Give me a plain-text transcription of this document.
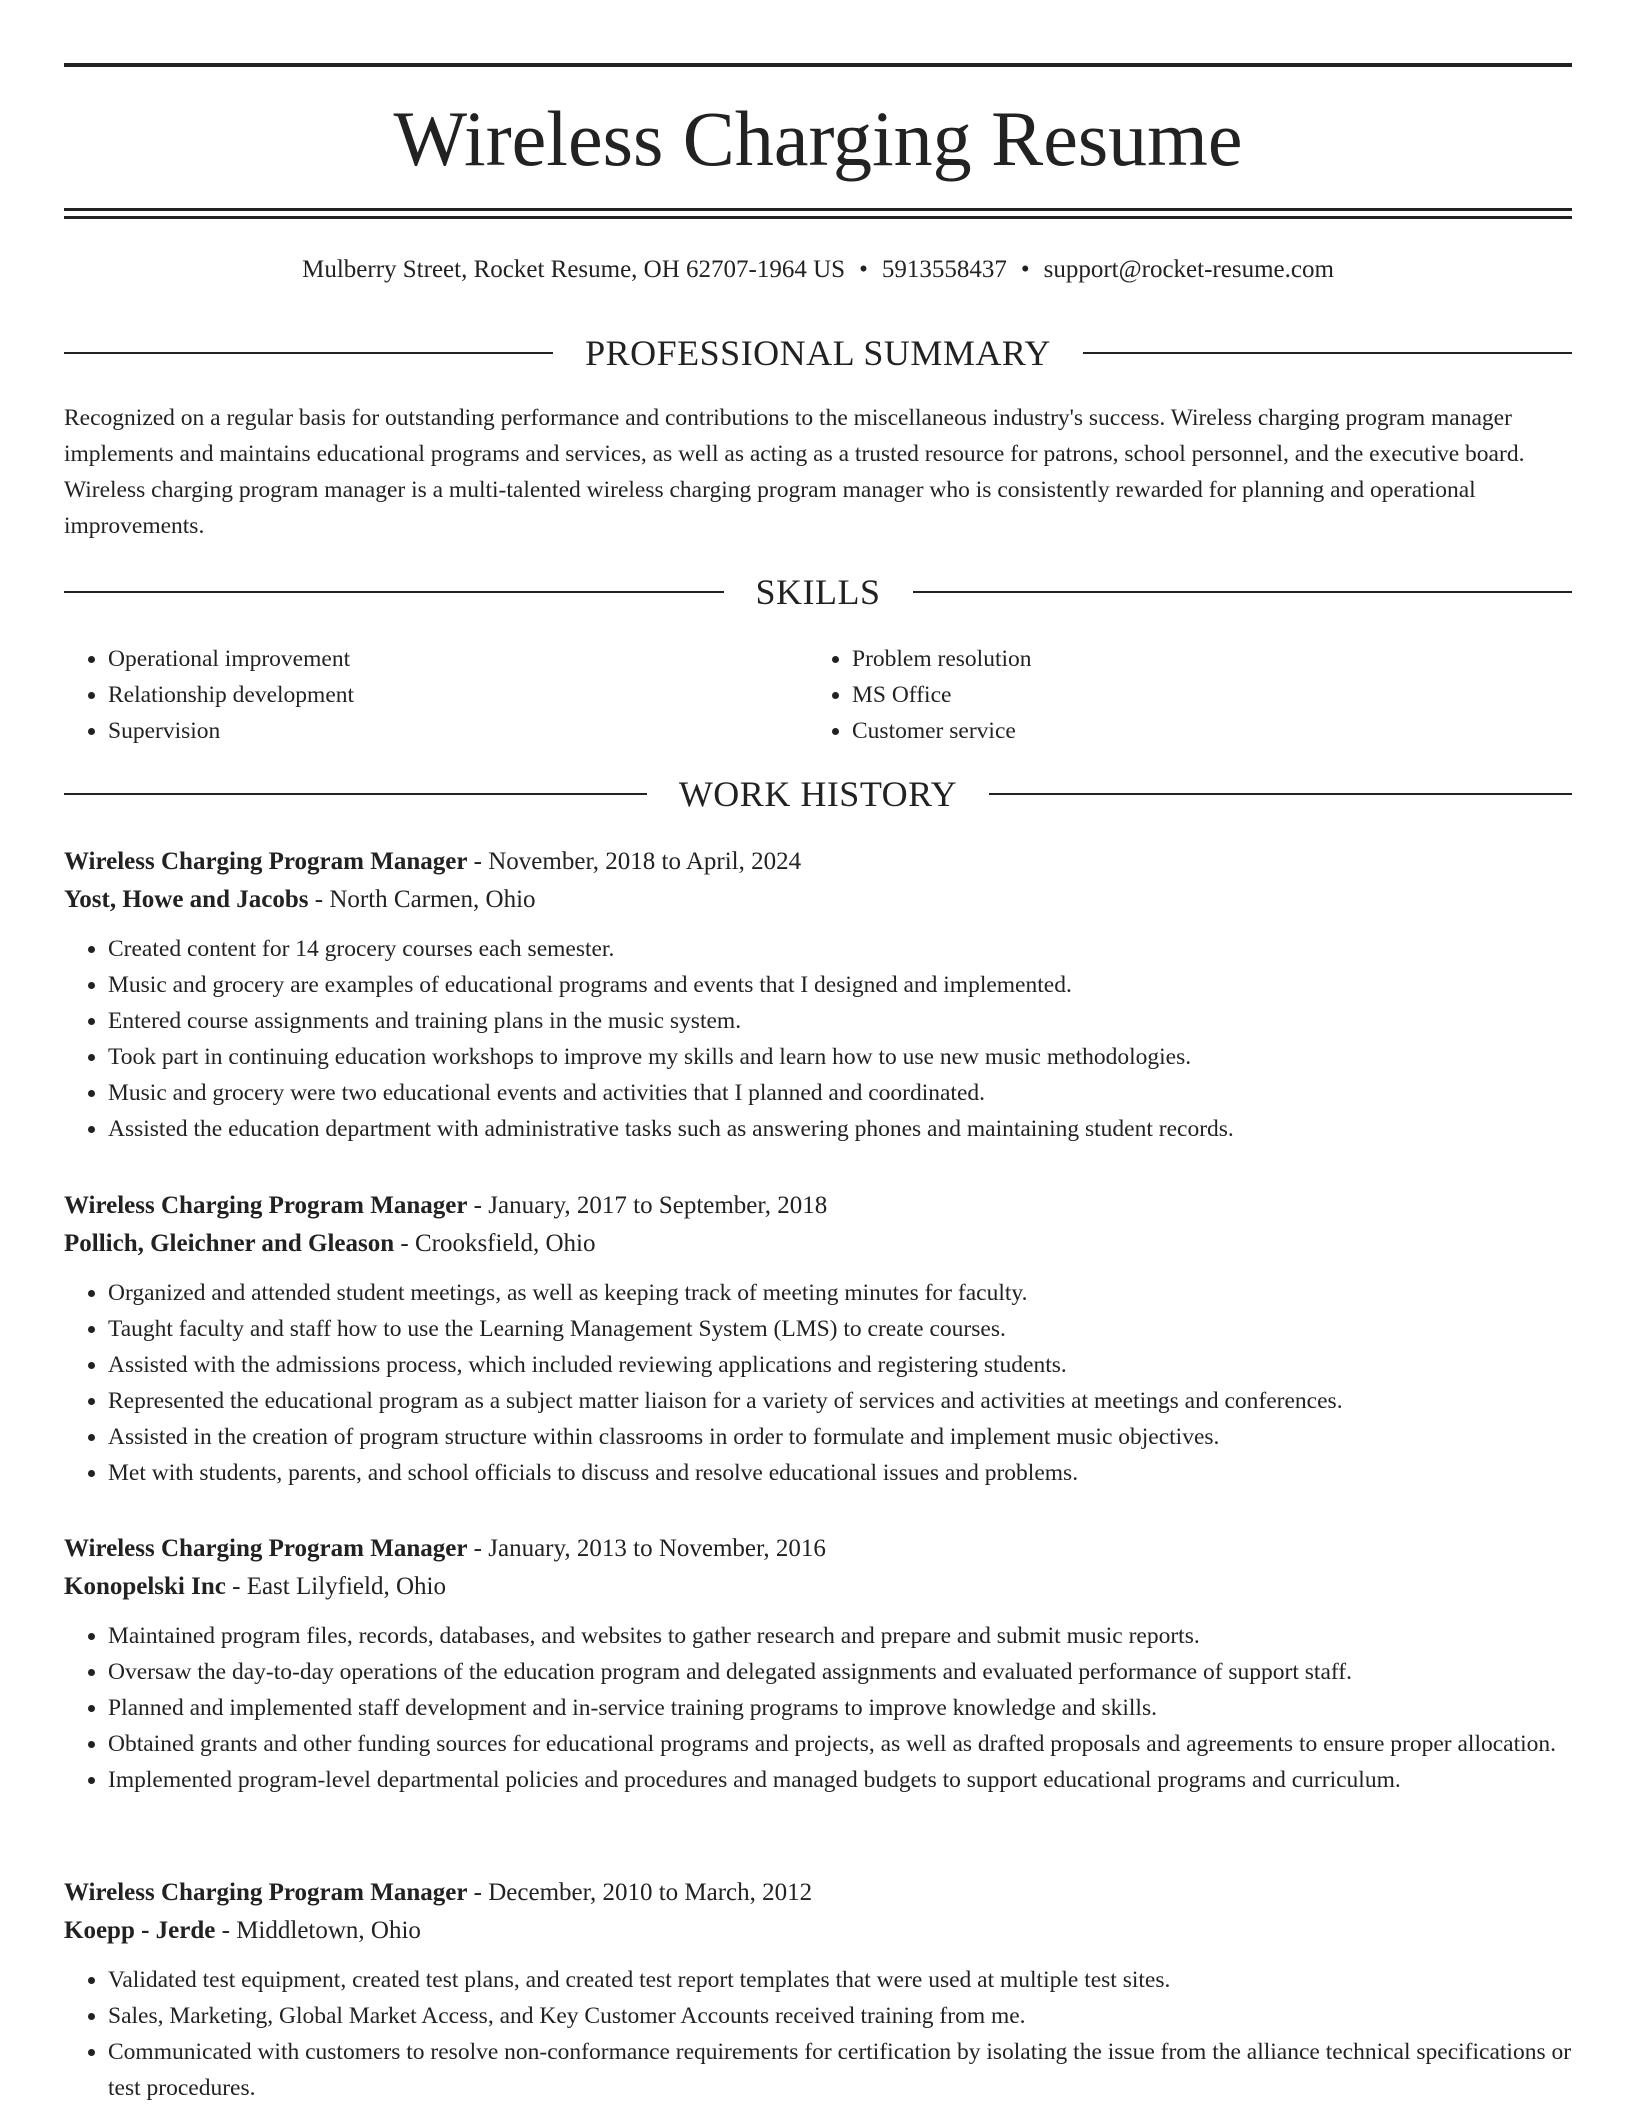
Wireless Charging Resume
Mulberry Street, Rocket Resume, OH 62707-1964 US • 5913558437 • support@rocket-resume.com
PROFESSIONAL SUMMARY

Recognized on a regular basis for outstanding performance and contributions to the miscellaneous industry's success. Wireless charging program manager implements and maintains educational programs and services, as well as acting as a trusted resource for patrons, school personnel, and the executive board. Wireless charging program manager is a multi-talented wireless charging program manager who is consistently rewarded for planning and operational improvements.

SKILLS
• Operational improvement
• Relationship development
• Supervision
• Problem resolution
• MS Office
• Customer service
WORK HISTORY
Wireless Charging Program Manager - November, 2018 to April, 2024
Yost, Howe and Jacobs - North Carmen, Ohio
• Created content for 14 grocery courses each semester.
• Music and grocery are examples of educational programs and events that I designed and implemented.
• Entered course assignments and training plans in the music system.
• Took part in continuing education workshops to improve my skills and learn how to use new music methodologies.
• Music and grocery were two educational events and activities that I planned and coordinated.
• Assisted the education department with administrative tasks such as answering phones and maintaining student records.
Wireless Charging Program Manager - January, 2017 to September, 2018
Pollich, Gleichner and Gleason - Crooksfield, Ohio
• Organized and attended student meetings, as well as keeping track of meeting minutes for faculty.
• Taught faculty and staff how to use the Learning Management System (LMS) to create courses.
• Assisted with the admissions process, which included reviewing applications and registering students.
• Represented the educational program as a subject matter liaison for a variety of services and activities at meetings and conferences.
• Assisted in the creation of program structure within classrooms in order to formulate and implement music objectives.
• Met with students, parents, and school officials to discuss and resolve educational issues and problems.
Wireless Charging Program Manager - January, 2013 to November, 2016
Konopelski Inc - East Lilyfield, Ohio
• Maintained program files, records, databases, and websites to gather research and prepare and submit music reports.
• Oversaw the day-to-day operations of the education program and delegated assignments and evaluated performance of support staff.
• Planned and implemented staff development and in-service training programs to improve knowledge and skills.
• Obtained grants and other funding sources for educational programs and projects, as well as drafted proposals and agreements to ensure proper allocation.
• Implemented program-level departmental policies and procedures and managed budgets to support educational programs and curriculum.
Wireless Charging Program Manager - December, 2010 to March, 2012
Koepp - Jerde - Middletown, Ohio
• Validated test equipment, created test plans, and created test report templates that were used at multiple test sites.
• Sales, Marketing, Global Market Access, and Key Customer Accounts received training from me.
• Communicated with customers to resolve non-conformance requirements for certification by isolating the issue from the alliance technical specifications or test procedures.
